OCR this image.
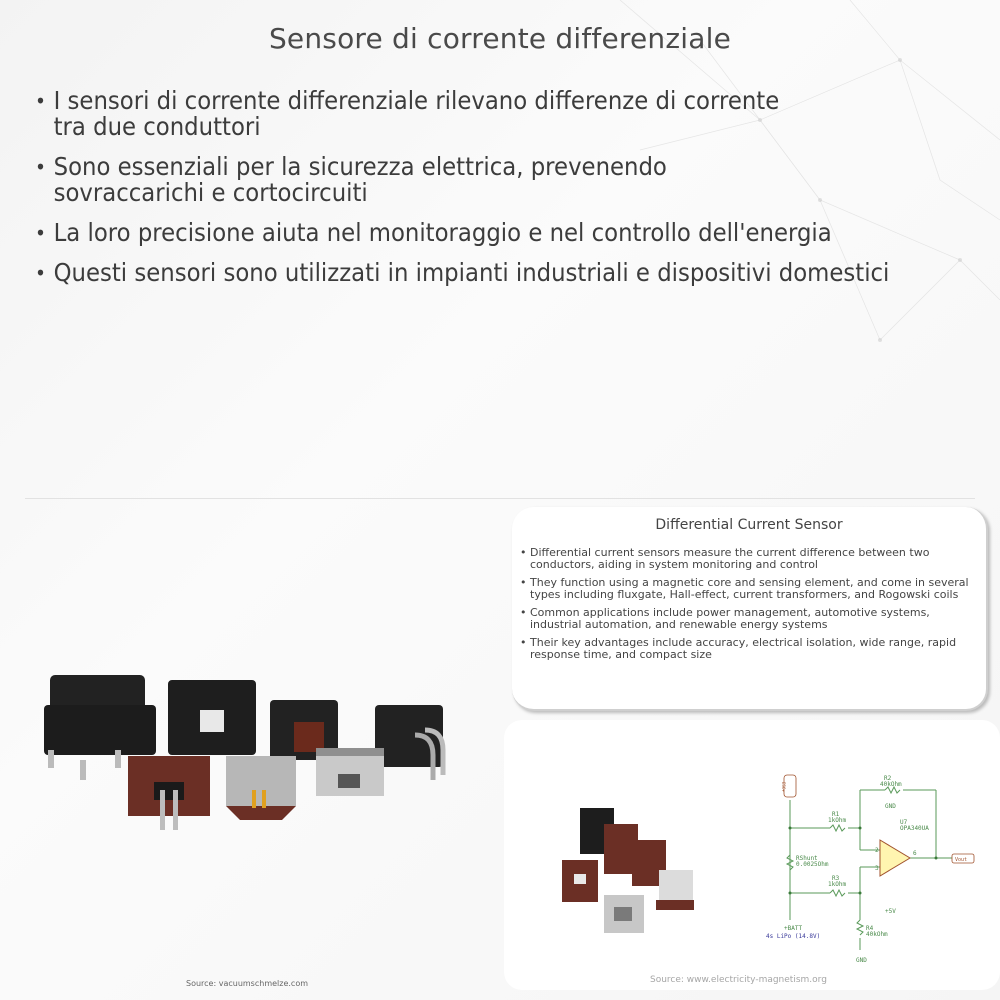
Sensore di corrente differenziale
• I sensori di corrente differenziale rilevano differenze di corrente tra due conduttori
• Sono essenziali per la sicurezza elettrica, prevenendo sovraccarichi e cortocircuiti
• La loro precisione aiuta nel monitoraggio e nel controllo dell'energia
• Questi sensori sono utilizzati in impianti industriali e dispositivi domestici
Source: vacuumschmelze.com
Differential Current Sensor
• Differential current sensors measure the current difference between two conductors, aiding in system monitoring and control
• They function using a magnetic core and sensing element, and come in several types including fluxgate, Hall-effect, current transformers, and Rogowski coils
• Common applications include power management, automotive systems, industrial automation, and renewable energy systems
• Their key advantages include accuracy, electrical isolation, wide range, rapid response time, and compact size
R2
40kOhm
R1
1kOhm
GND
U7
OPA340UA
RShunt
0.0025Ohm
R3
1kOhm
+5V
R4
40kOhm
GND
+BATT
2
3
6
4s LiPo (14.8V)
Vout
ESC+
Source: www.electricity-magnetism.org
